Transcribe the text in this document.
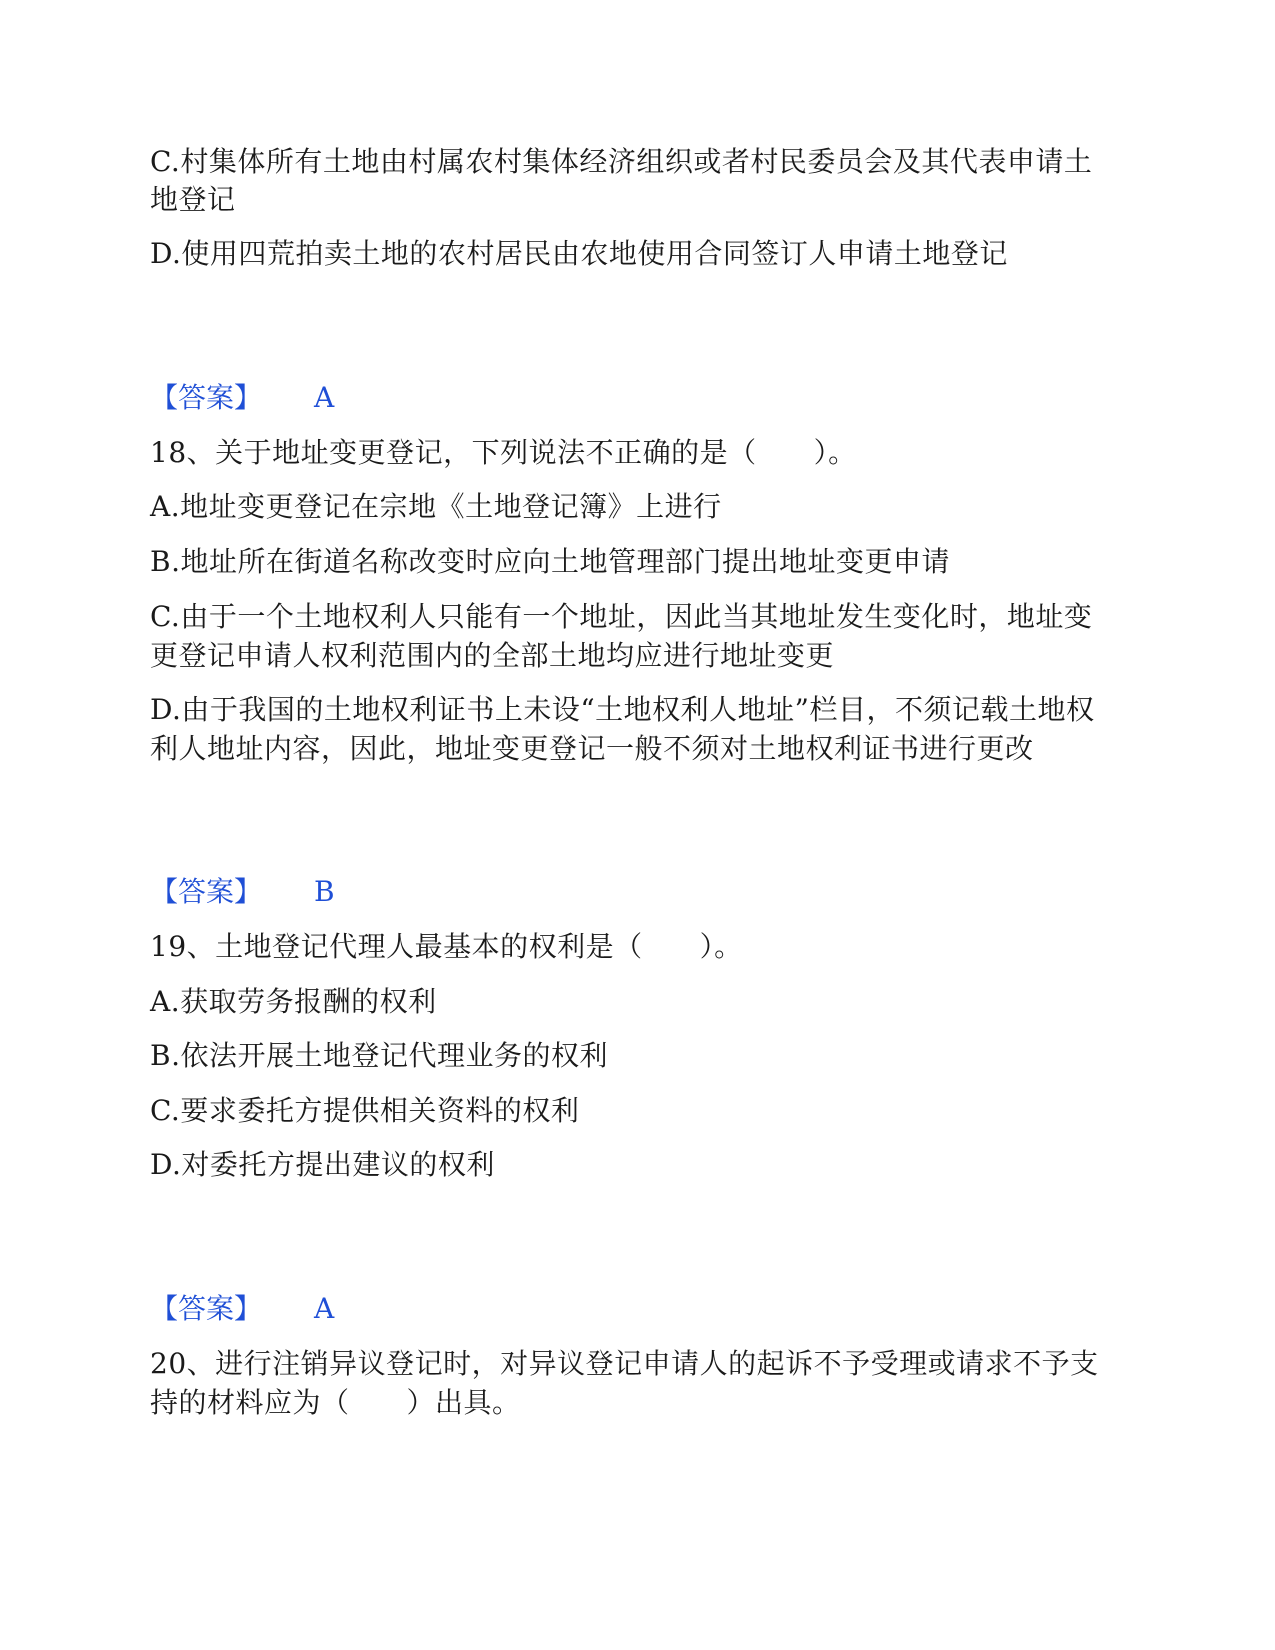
C.村集体所有土地由村属农村集体经济组织或者村民委员会及其代表申请土
地登记
D.使用四荒拍卖土地的农村居民由农地使用合同签订人申请土地登记
【答案】 A
18、关于地址变更登记，下列说法不正确的是（　　）。
A.地址变更登记在宗地《土地登记簿》上进行
B.地址所在街道名称改变时应向土地管理部门提出地址变更申请
C.由于一个土地权利人只能有一个地址，因此当其地址发生变化时，地址变
更登记申请人权利范围内的全部土地均应进行地址变更
D.由于我国的土地权利证书上未设“土地权利人地址”栏目，不须记载土地权
利人地址内容，因此，地址变更登记一般不须对土地权利证书进行更改
【答案】 B
19、土地登记代理人最基本的权利是（　　）。
A.获取劳务报酬的权利
B.依法开展土地登记代理业务的权利
C.要求委托方提供相关资料的权利
D.对委托方提出建议的权利
【答案】 A
20、进行注销异议登记时，对异议登记申请人的起诉不予受理或请求不予支
持的材料应为（　　）出具。
